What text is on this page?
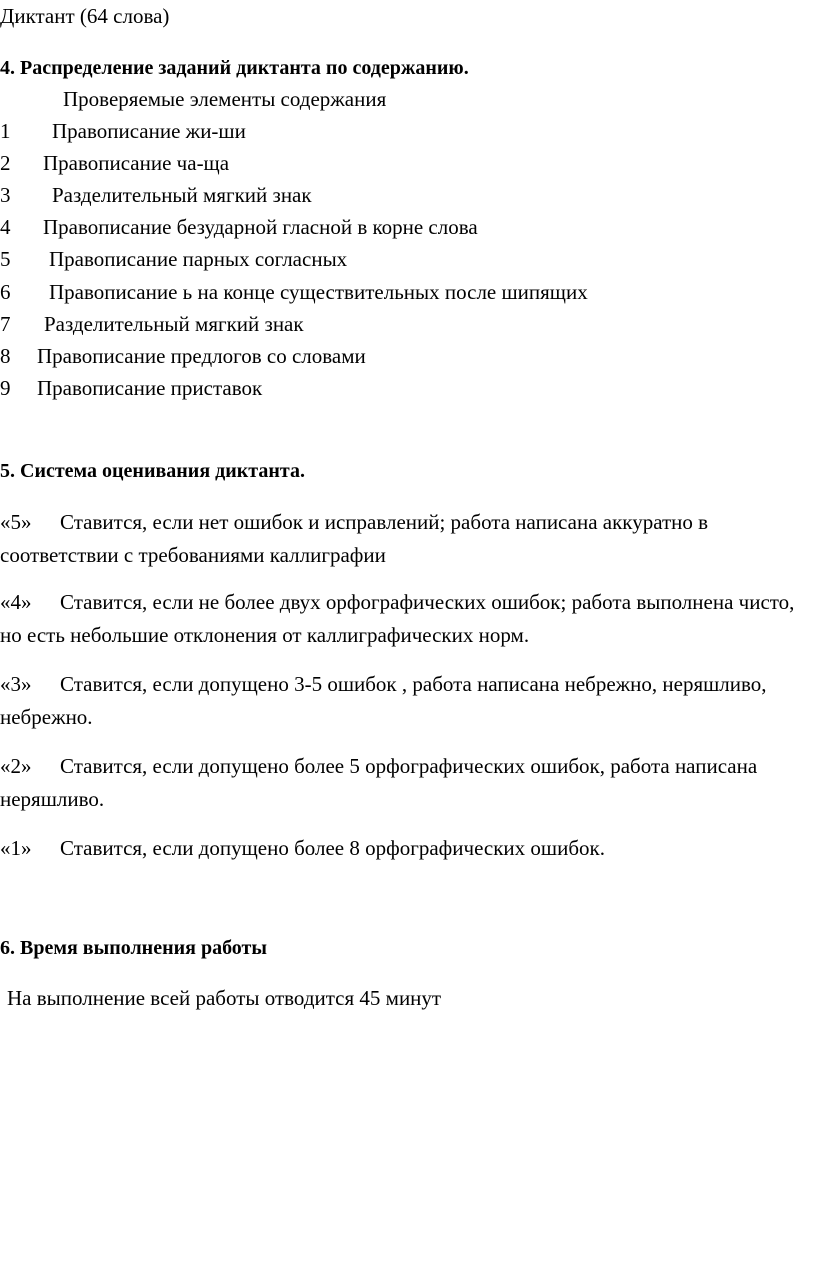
Диктант (64 слова)
4. Распределение заданий диктанта по содержанию.
Проверяемые элементы содержания
1 Правописание жи-ши
2 Правописание ча-ща
3 Разделительный мягкий знак
4 Правописание безударной гласной в корне слова
5 Правописание парных согласных
6 Правописание ь на конце существительных после шипящих
7 Разделительный мягкий знак
8 Правописание предлогов со словами
9 Правописание приставок
5. Система оценивания диктанта.
«5» Ставится, если нет ошибок и исправлений; работа написана аккуратно в соответствии с требованиями каллиграфии
«4» Ставится, если не более двух орфографических ошибок; работа выполнена чисто, но есть небольшие отклонения от каллиграфических норм.
«3» Ставится, если допущено 3-5 ошибок , работа написана небрежно, неряшливо, небрежно.
«2» Ставится, если допущено более 5 орфографических ошибок, работа написана неряшливо.
«1» Ставится, если допущено более 8 орфографических ошибок.
6. Время выполнения работы
На выполнение всей работы отводится 45 минут
